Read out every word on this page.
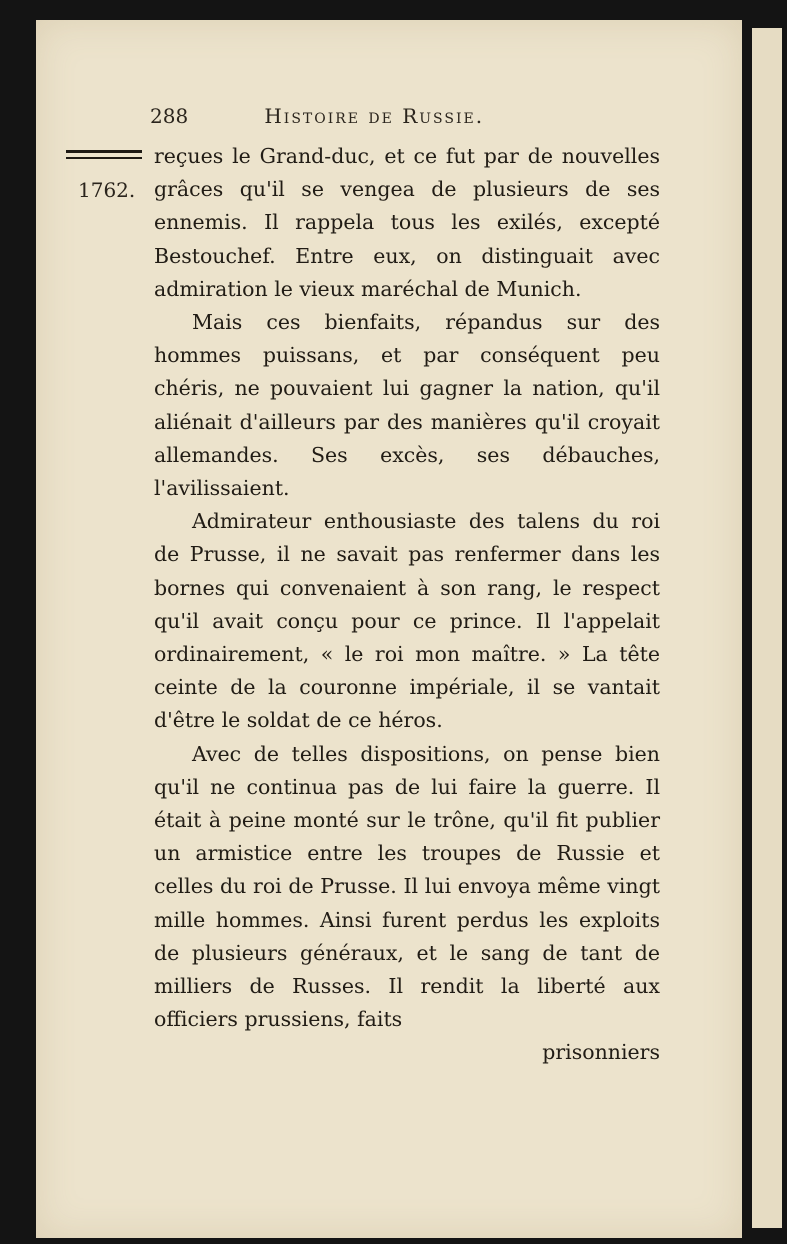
288	Histoire de Russie.
1762.

reçues le Grand-duc, et ce fut par de nouvelles grâces qu'il se vengea de plusieurs de ses ennemis. Il rappela tous les exilés, excepté Bestouchef. Entre eux, on distinguait avec admiration le vieux maréchal de Munich.

Mais ces bienfaits, répandus sur des hommes puissans, et par conséquent peu chéris, ne pouvaient lui gagner la nation, qu'il aliénait d'ailleurs par des manières qu'il croyait allemandes. Ses excès, ses débauches, l'avilissaient.

Admirateur enthousiaste des talens du roi de Prusse, il ne savait pas renfermer dans les bornes qui convenaient à son rang, le respect qu'il avait conçu pour ce prince. Il l'appelait ordinairement, « le roi mon maître. » La tête ceinte de la couronne impériale, il se vantait d'être le soldat de ce héros.

Avec de telles dispositions, on pense bien qu'il ne continua pas de lui faire la guerre. Il était à peine monté sur le trône, qu'il fit publier un armistice entre les troupes de Russie et celles du roi de Prusse. Il lui envoya même vingt mille hommes. Ainsi furent perdus les exploits de plusieurs généraux, et le sang de tant de milliers de Russes. Il rendit la liberté aux officiers prussiens, faits

prisonniers
